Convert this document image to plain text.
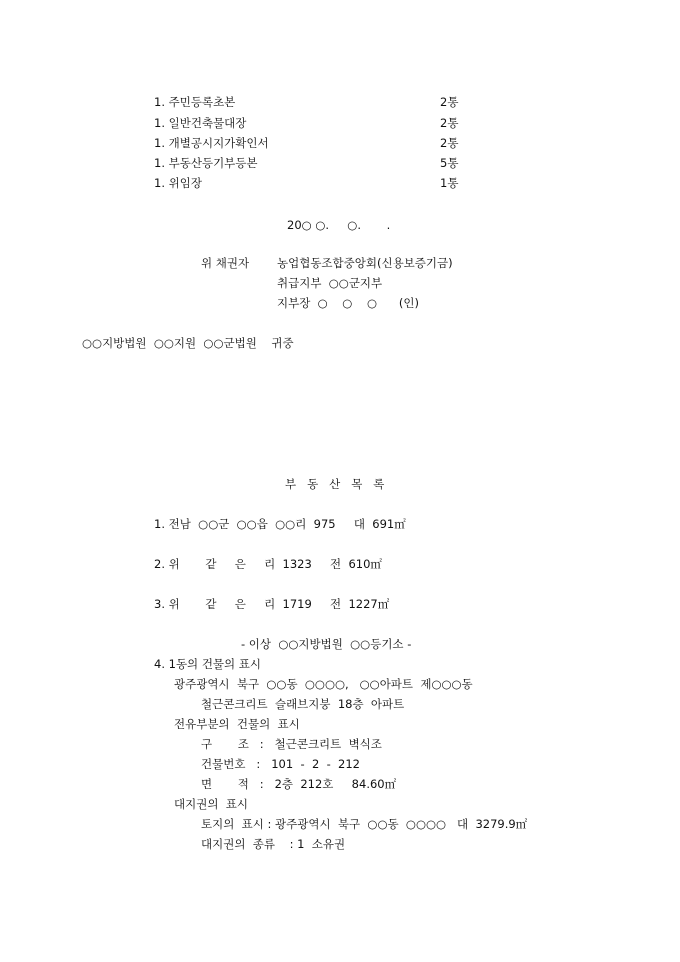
1. 주민등록초본	2통
1. 일반건축물대장	2통
1. 개별공시지가확인서	2통
1. 부동산등기부등본	5통
1. 위임장	1통
20○ ○.     ○.       .
위 채권자 농업협동조합중앙회(신용보증기금)
취급지부  ○○군지부
지부장  ○    ○    ○      (인)
○○지방법원  ○○지원  ○○군법원    귀중
부   동   산   목   록
1. 전남  ○○군  ○○읍  ○○리  975     대  691㎡
2. 위       같     은     리  1323     전  610㎡
3. 위       같     은     리  1719     전  1227㎡
- 이상  ○○지방법원  ○○등기소 -
4. 1동의 건물의 표시
광주광역시  북구  ○○동  ○○○○,   ○○아파트  제○○○동
철근콘크리트  슬래브지붕  18층  아파트
전유부분의  건물의  표시
구       조   :   철근콘크리트  벽식조
건물번호   :   101  -  2  -  212
면       적   :   2층  212호     84.60㎡
대지권의  표시
토지의  표시 : 광주광역시  북구  ○○동  ○○○○   대  3279.9㎡
대지권의  종류    : 1  소유권
